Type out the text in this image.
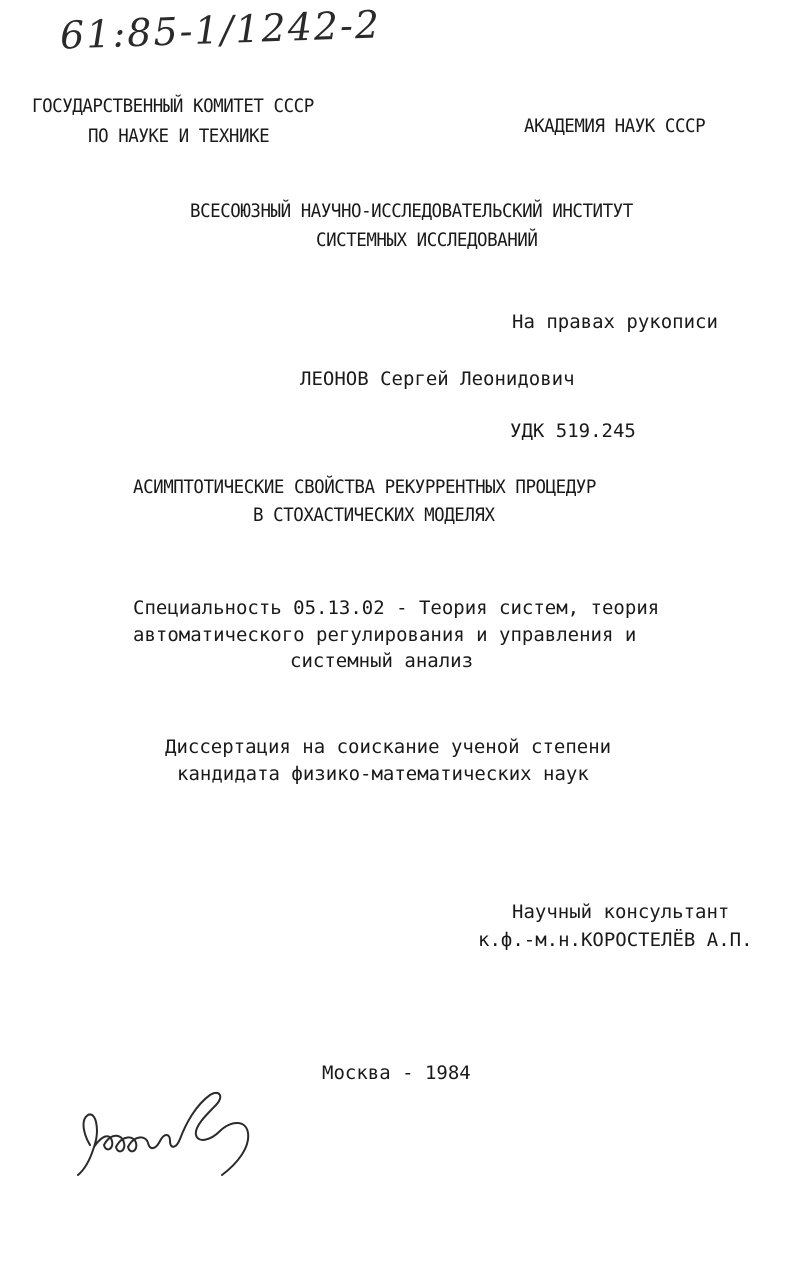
61:85-1/1242-2
ГОСУДАРСТВЕННЫЙ КОМИТЕТ СССР
ПО НАУКЕ И ТЕХНИКЕ	АКАДЕМИЯ НАУК СССР
ВСЕСОЮЗНЫЙ НАУЧНО-ИССЛЕДОВАТЕЛЬСКИЙ ИНСТИТУТ
СИСТЕМНЫХ ИССЛЕДОВАНИЙ
На правах рукописи
ЛЕОНОВ Сергей Леонидович
УДК 519.245
АСИМПТОТИЧЕСКИЕ СВОЙСТВА РЕКУРРЕНТНЫХ ПРОЦЕДУР
В СТОХАСТИЧЕСКИХ МОДЕЛЯХ
Специальность 05.13.02 - Теория систем, теория
автоматического регулирования и управления и
системный анализ
Диссертация на соискание ученой степени
кандидата физико-математических наук
Научный консультант
к.ф.-м.н.КОРОСТЕЛЁВ А.П.
Москва - 1984
